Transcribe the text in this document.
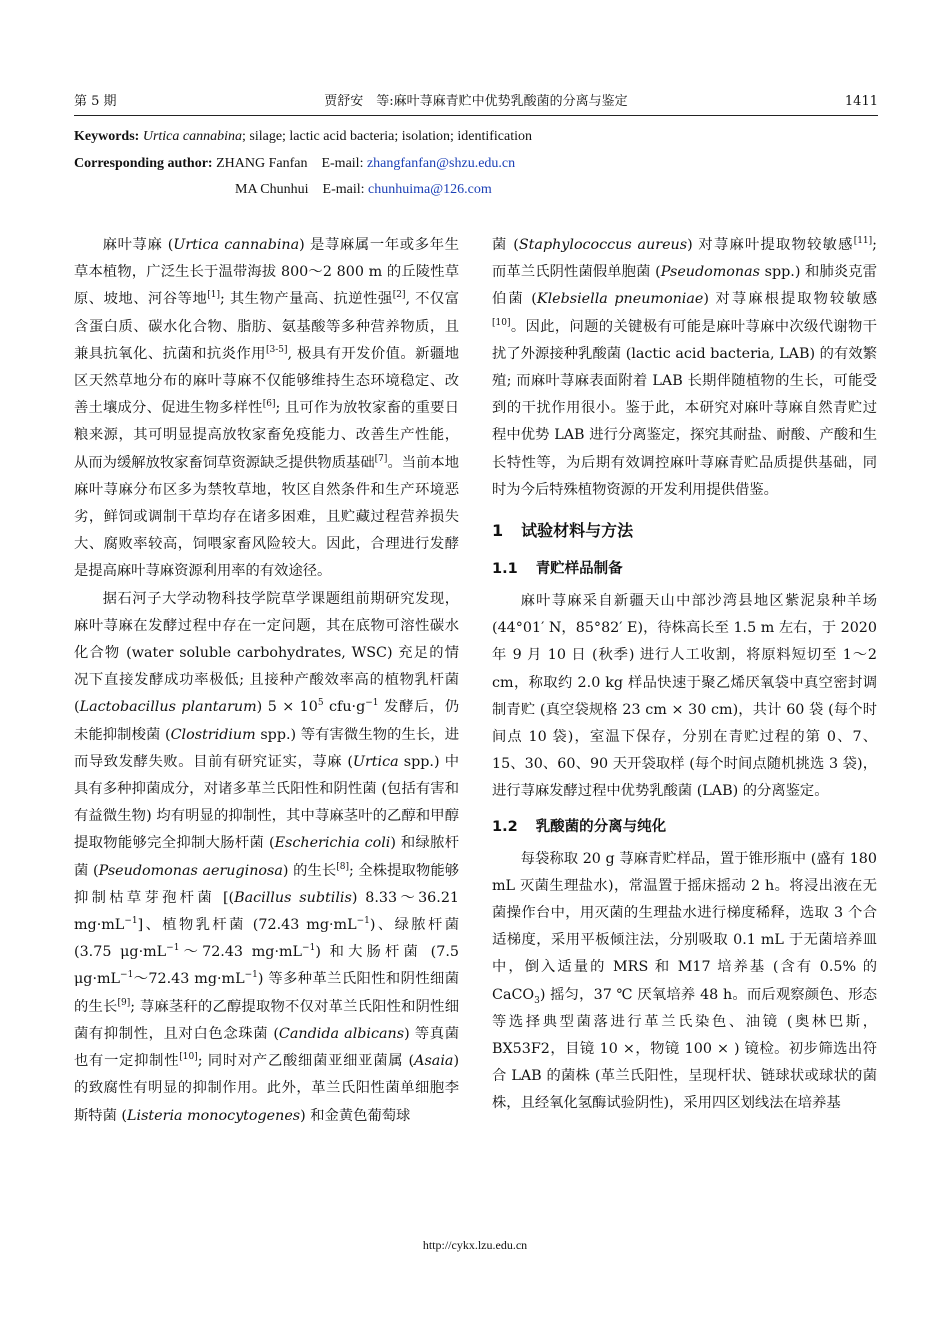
第 5 期	贾舒安　等:麻叶荨麻青贮中优势乳酸菌的分离与鉴定	1411
Keywords: Urtica cannabina; silage; lactic acid bacteria; isolation; identification
Corresponding author: ZHANG Fanfan E-mail: zhangfanfan@shzu.edu.cn
MA Chunhui E-mail: chunhuima@126.com

麻叶荨麻 (Urtica cannabina) 是荨麻属一年或多年生草本植物，广泛生长于温带海拔 800～2 800 m 的丘陵性草原、坡地、河谷等地[1]; 其生物产量高、抗逆性强[2], 不仅富含蛋白质、碳水化合物、脂肪、氨基酸等多种营养物质，且兼具抗氧化、抗菌和抗炎作用[3-5], 极具有开发价值。新疆地区天然草地分布的麻叶荨麻不仅能够维持生态环境稳定、改善土壤成分、促进生物多样性[6]; 且可作为放牧家畜的重要日粮来源，其可明显提高放牧家畜免疫能力、改善生产性能，从而为缓解放牧家畜饲草资源缺乏提供物质基础[7]。当前本地麻叶荨麻分布区多为禁牧草地，牧区自然条件和生产环境恶劣，鲜饲或调制干草均存在诸多困难，且贮藏过程营养损失大、腐败率较高，饲喂家畜风险较大。因此，合理进行发酵是提高麻叶荨麻资源利用率的有效途径。

据石河子大学动物科技学院草学课题组前期研究发现，麻叶荨麻在发酵过程中存在一定问题，其在底物可溶性碳水化合物 (water soluble carbohydrates, WSC) 充足的情况下直接发酵成功率极低; 且接种产酸效率高的植物乳杆菌 (Lactobacillus plantarum) $5 \times 10^5$ $cfu\cdot g^{-1}$ 发酵后，仍未能抑制梭菌 (Clostridium spp.) 等有害微生物的生长，进而导致发酵失败。目前有研究证实，荨麻 (Urtica spp.) 中具有多种抑菌成分，对诸多革兰氏阳性和阴性菌 (包括有害和有益微生物) 均有明显的抑制性，其中荨麻茎叶的乙醇和甲醇提取物能够完全抑制大肠杆菌 (Escherichia coli) 和绿脓杆菌 (Pseudomonas aeruginosa) 的生长[8]; 全株提取物能够抑制枯草芽孢杆菌 [(Bacillus subtilis) 8.33～36.21 $mg\cdot mL^{-1}$]、植物乳杆菌 (72.43 $mg\cdot mL^{-1}$)、绿脓杆菌 (3.75 $\mu g\cdot mL^{-1}\sim 72.43$ $mg\cdot mL^{-1}$) 和大肠杆菌 (7.5 $\mu g\cdot mL^{-1}\sim 72.43$ $mg\cdot mL^{-1}$) 等多种革兰氏阳性和阴性细菌的生长[9]; 荨麻茎秆的乙醇提取物不仅对革兰氏阳性和阴性细菌有抑制性，且对白色念珠菌 (Candida albicans) 等真菌也有一定抑制性[10]; 同时对产乙酸细菌亚细亚菌属 (Asaia) 的致腐性有明显的抑制作用。此外，革兰氏阳性菌单细胞李斯特菌 (Listeria monocytogenes) 和金黄色葡萄球

菌 (Staphylococcus aureus) 对荨麻叶提取物较敏感[11]; 而革兰氏阴性菌假单胞菌 (Pseudomonas spp.) 和肺炎克雷伯菌 (Klebsiella pneumoniae) 对荨麻根提取物较敏感[10]。因此，问题的关键极有可能是麻叶荨麻中次级代谢物干扰了外源接种乳酸菌 (lactic acid bacteria, LAB) 的有效繁殖; 而麻叶荨麻表面附着 LAB 长期伴随植物的生长，可能受到的干扰作用很小。鉴于此，本研究对麻叶荨麻自然青贮过程中优势 LAB 进行分离鉴定，探究其耐盐、耐酸、产酸和生长特性等，为后期有效调控麻叶荨麻青贮品质提供基础，同时为今后特殊植物资源的开发利用提供借鉴。

1 试验材料与方法
1.1 青贮样品制备

麻叶荨麻采自新疆天山中部沙湾县地区紫泥泉种羊场 (44°01′ N，85°82′ E)，待株高长至 1.5 m 左右，于 2020 年 9 月 10 日 (秋季) 进行人工收割，将原料短切至 1～2 cm，称取约 2.0 kg 样品快速于聚乙烯厌氧袋中真空密封调制青贮 (真空袋规格 23 cm × 30 cm)，共计 60 袋 (每个时间点 10 袋)，室温下保存，分别在青贮过程的第 0、7、15、30、60、90 天开袋取样 (每个时间点随机挑选 3 袋)，进行荨麻发酵过程中优势乳酸菌 (LAB) 的分离鉴定。

1.2 乳酸菌的分离与纯化

每袋称取 20 g 荨麻青贮样品，置于锥形瓶中 (盛有 180 mL 灭菌生理盐水)，常温置于摇床摇动 2 h。将浸出液在无菌操作台中，用灭菌的生理盐水进行梯度稀释，选取 3 个合适梯度，采用平板倾注法，分别吸取 0.1 mL 于无菌培养皿中，倒入适量的 MRS 和 M17 培养基 (含有 0.5% 的 CaCO$_3$) 摇匀，37 ℃ 厌氧培养 48 h。而后观察颜色、形态等选择典型菌落进行革兰氏染色、油镜 (奥林巴斯，BX53F2，目镜 10 ×，物镜 100 × ) 镜检。初步筛选出符合 LAB 的菌株 (革兰氏阳性，呈现杆状、链球状或球状的菌株，且经氧化氢酶试验阴性)，采用四区划线法在培养基

http://cykx.lzu.edu.cn
